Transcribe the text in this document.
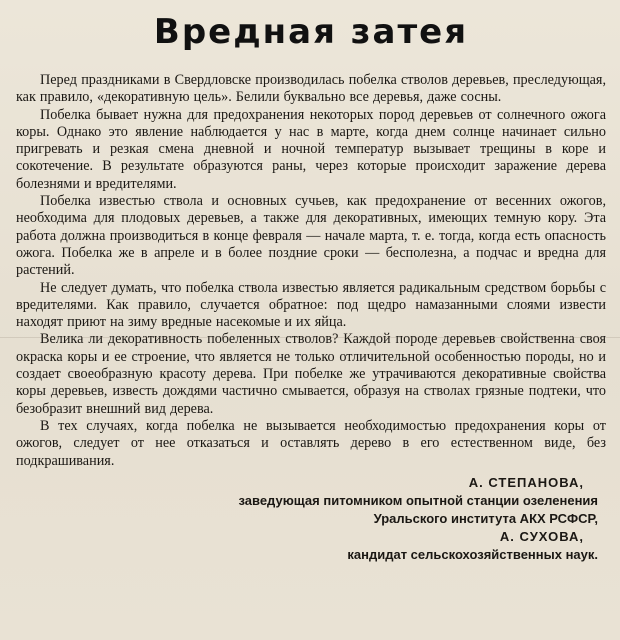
Вредная затея

Перед праздниками в Свердловске производилась побелка стволов деревьев, преследующая, как правило, «декоративную цель». Белили буквально все деревья, даже сосны.

Побелка бывает нужна для предохранения некоторых пород деревьев от солнечного ожога коры. Однако это явление наблюдается у нас в марте, когда днем солнце начинает сильно пригревать и резкая смена дневной и ночной температур вызывает трещины в коре и сокотечение. В результате образуются раны, через которые происходит заражение дерева болезнями и вредителями.

Побелка известью ствола и основных сучьев, как предохранение от весенних ожогов, необходима для плодовых деревьев, а также для декоративных, имеющих темную кору. Эта работа должна производиться в конце февраля — начале марта, т. е. тогда, когда есть опасность ожога. Побелка же в апреле и в более поздние сроки — бесполезна, а подчас и вредна для растений.

Не следует думать, что побелка ствола известью является радикальным средством борьбы с вредителями. Как правило, случается обратное: под щедро намазанными слоями извести находят приют на зиму вредные насекомые и их яйца.

Велика ли декоративность побеленных стволов? Каждой породе деревьев свойственна своя окраска коры и ее строение, что является не только отличительной особенностью породы, но и создает своеобразную красоту дерева. При побелке же утрачиваются декоративные свойства коры деревьев, известь дождями частично смывается, образуя на стволах грязные подтеки, что безобразит внешний вид дерева.

В тех случаях, когда побелка не вызывается необходимостью предохранения коры от ожогов, следует от нее отказаться и оставлять дерево в его естественном виде, без подкрашивания.

А. СТЕПАНОВА,
заведующая питомником опытной станции озеленения
Уральского института АКХ РСФСР,
А. СУХОВА,
кандидат сельскохозяйственных наук.
